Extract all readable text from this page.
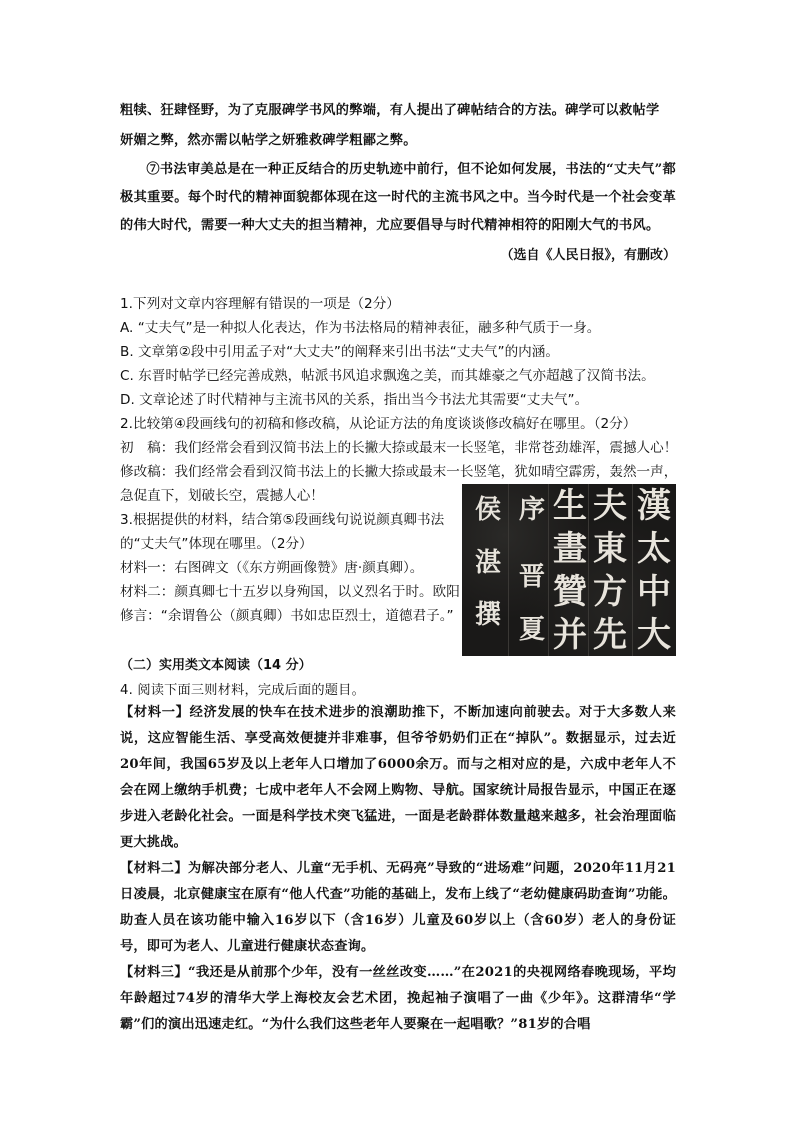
粗犊、狂肆怪野，为了克服碑学书风的弊端，有人提出了碑帖结合的方法。碑学可以救帖学
妍媚之弊，然亦需以帖学之妍雅救碑学粗鄙之弊。
⑦书法审美总是在一种正反结合的历史轨迹中前行，但不论如何发展，书法的“丈夫气”都极其重要。每个时代的精神面貌都体现在这一时代的主流书风之中。当今时代是一个社会变革的伟大时代，需要一种大丈夫的担当精神，尤应要倡导与时代精神相符的阳刚大气的书风。
（选自《人民日报》，有删改）
1.下列对文章内容理解有错误的一项是（2分）
A. “丈夫气”是一种拟人化表达，作为书法格局的精神表征，融多种气质于一身。
B. 文章第②段中引用孟子对“大丈夫”的阐释来引出书法“丈夫气”的内涵。
C. 东晋时帖学已经完善成熟，帖派书风追求飘逸之美，而其雄豪之气亦超越了汉简书法。
D. 文章论述了时代精神与主流书风的关系，指出当今书法尤其需要“丈夫气”。
2.比较第④段画线句的初稿和修改稿，从论证方法的角度谈谈修改稿好在哪里。（2分）
初　稿：我们经常会看到汉简书法上的长撇大捺或最末一长竖笔，非常苍劲雄浑，震撼人心！
修改稿：我们经常会看到汉简书法上的长撇大捺或最末一长竖笔，犹如晴空霹雳，轰然一声，急促直下，划破长空，震撼人心！
3.根据提供的材料，结合第⑤段画线句说说颜真卿书法的“丈夫气”体现在哪里。（2分）
材料一：右图碑文（《东方朔画像赞》唐·颜真卿）。
材料二：颜真卿七十五岁以身殉国，以义烈名于时。欧阳修言：“余谓鲁公（颜真卿）书如忠臣烈士，道德君子。”
漢
太
中
大
夫
東
方
先
生
畫
贊
并
序
晋
夏
侯
湛
撰
（二）实用类文本阅读（14 分）
4. 阅读下面三则材料，完成后面的题目。
【材料一】经济发展的快车在技术进步的浪潮助推下，不断加速向前驶去。对于大多数人来说，这应智能生活、享受高效便捷并非难事，但爷爷奶奶们正在“掉队”。数据显示，过去近20年间，我国65岁及以上老年人口增加了6000余万。而与之相对应的是，六成中老年人不会在网上缴纳手机费；七成中老年人不会网上购物、导航。国家统计局报告显示，中国正在逐步进入老龄化社会。一面是科学技术突飞猛进，一面是老龄群体数量越来越多，社会治理面临更大挑战。
【材料二】为解决部分老人、儿童“无手机、无码亮”导致的“进场难”问题，2020年11月21日凌晨，北京健康宝在原有“他人代查”功能的基础上，发布上线了“老幼健康码助查询”功能。助查人员在该功能中输入16岁以下（含16岁）儿童及60岁以上（含60岁）老人的身份证号，即可为老人、儿童进行健康状态查询。
【材料三】“我还是从前那个少年，没有一丝丝改变……”在2021的央视网络春晚现场，平均年龄超过74岁的清华大学上海校友会艺术团，挽起袖子演唱了一曲《少年》。这群清华“学霸”们的演出迅速走红。“为什么我们这些老年人要聚在一起唱歌？”81岁的合唱
